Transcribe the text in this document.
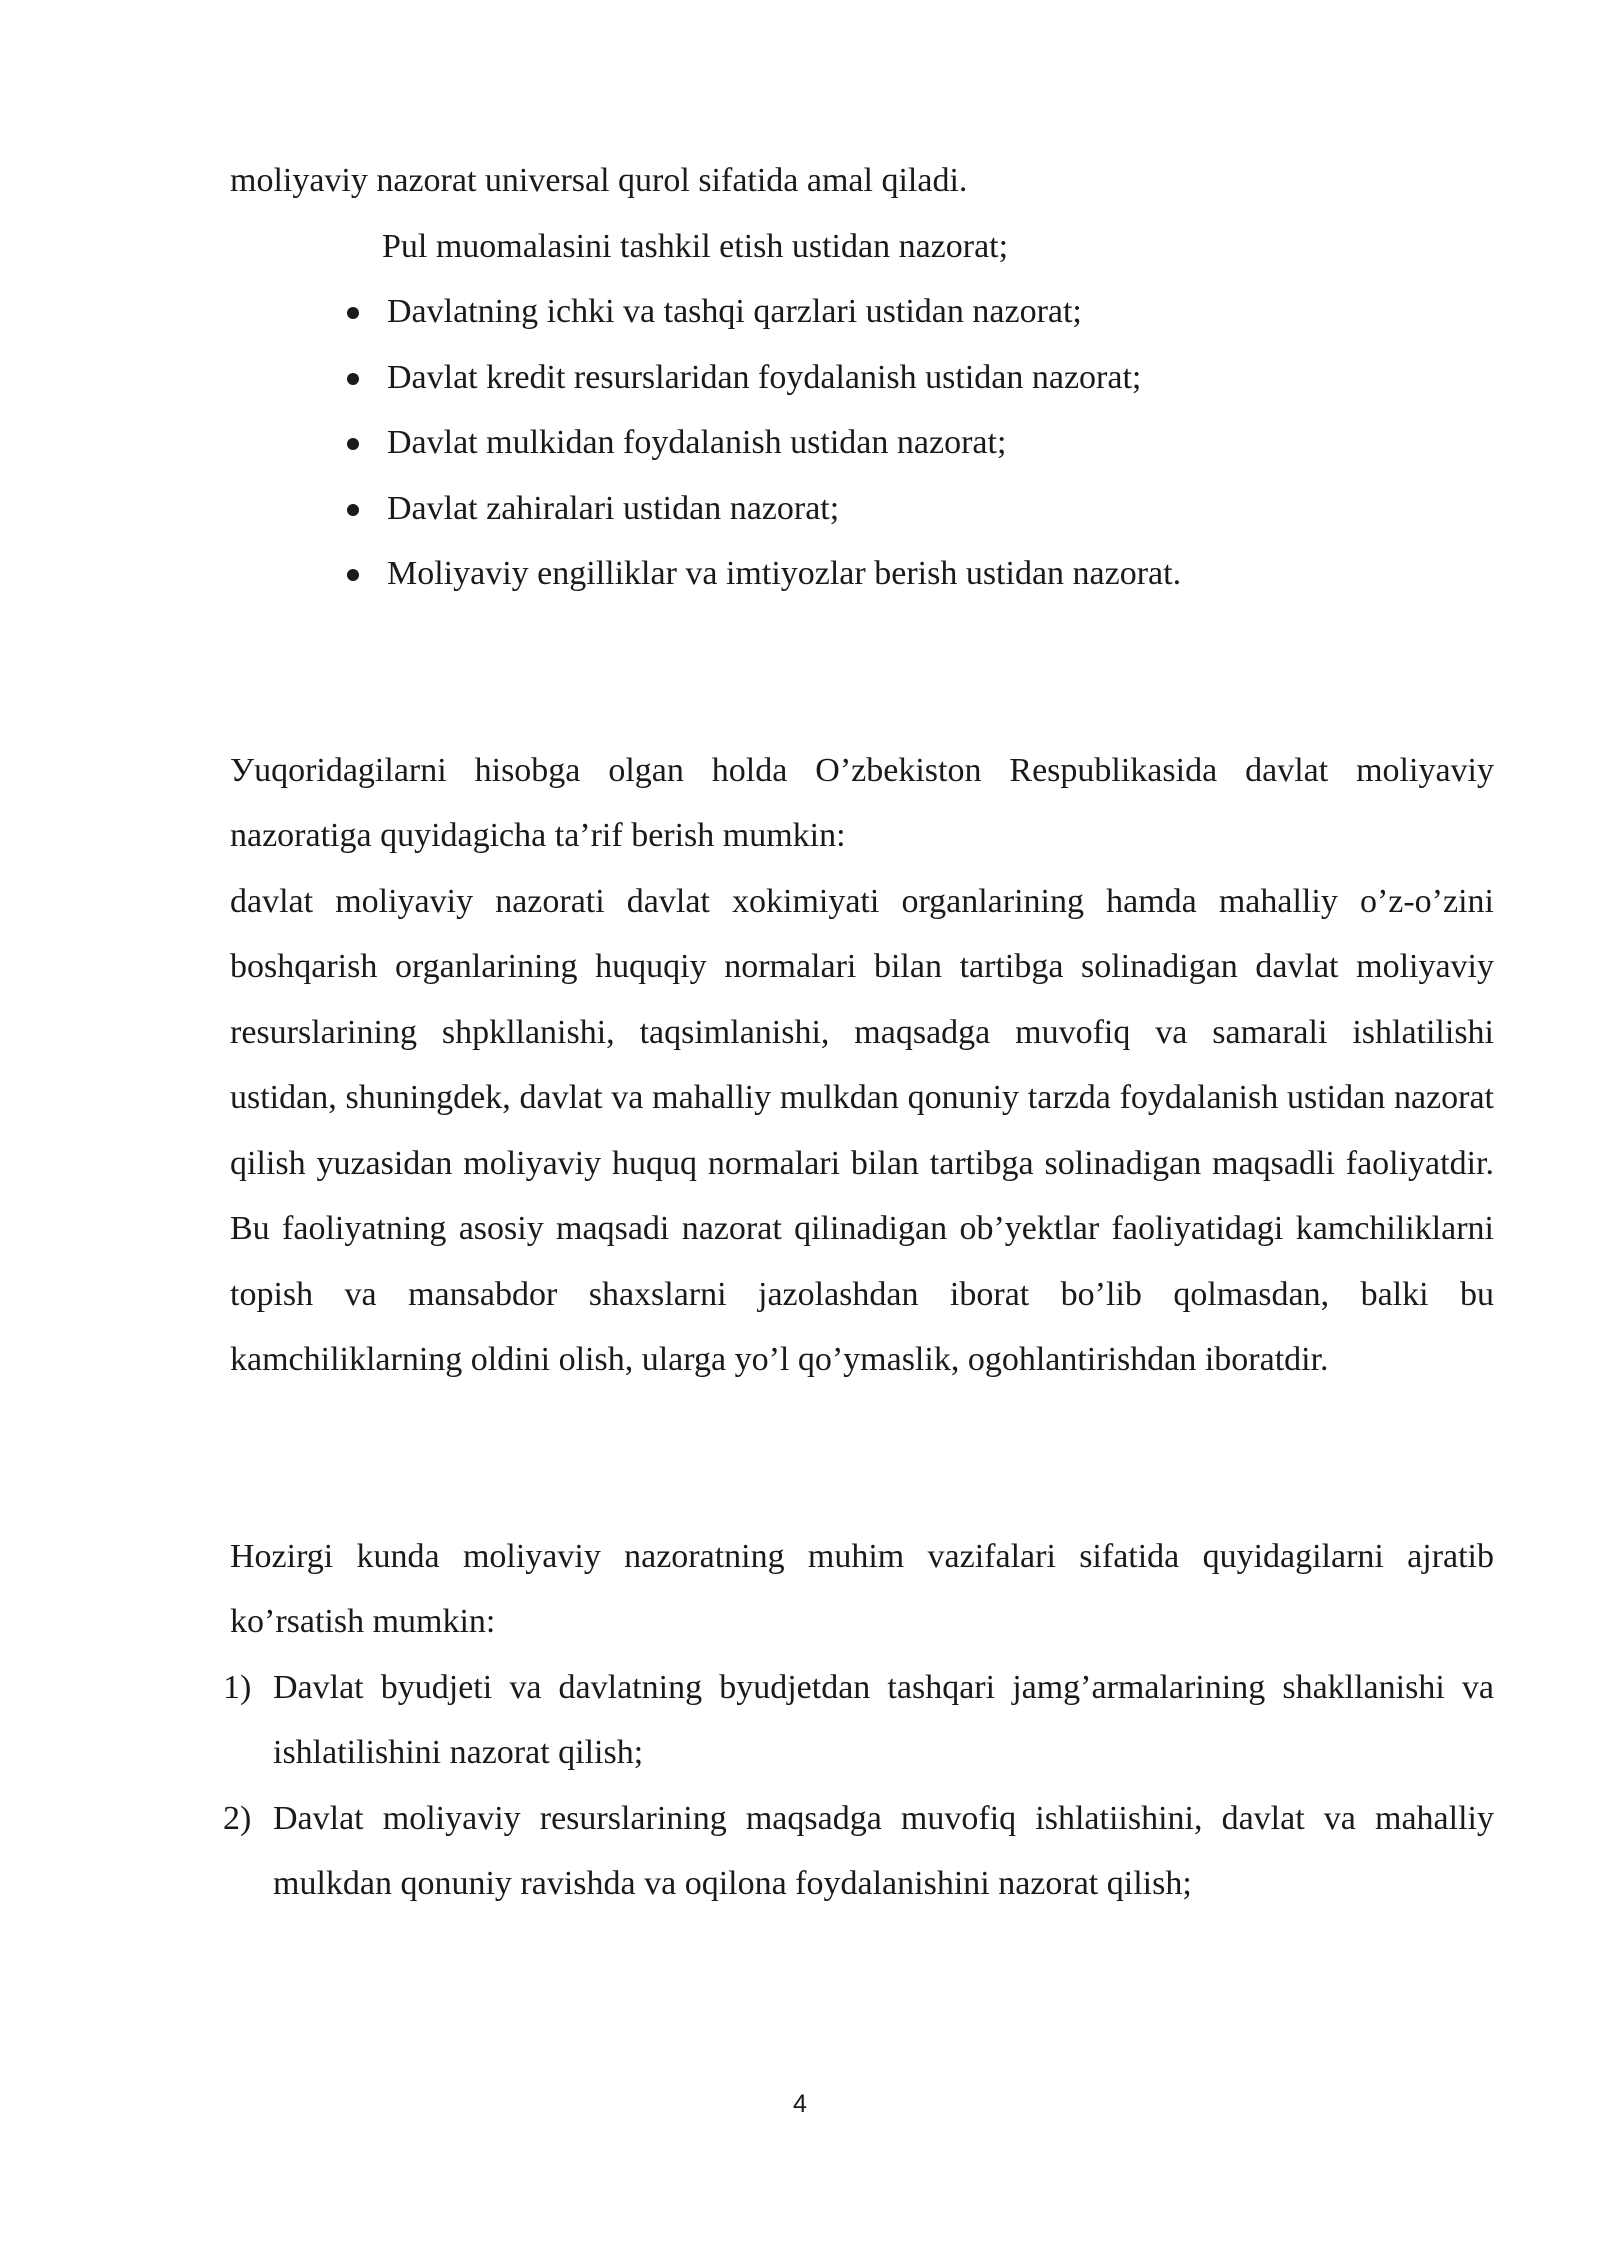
moliyaviy nazorat universal qurol sifatida amal qiladi.

Pul muomalasini tashkil etish ustidan nazorat;

Davlatning ichki va tashqi qarzlari ustidan nazorat;
Davlat kredit resurslaridan foydalanish ustidan nazorat;
Davlat mulkidan foydalanish ustidan nazorat;
Davlat zahiralari ustidan nazorat;
Moliyaviy engilliklar va imtiyozlar berish ustidan nazorat.

Уuqoridagilarni hisobga olgan holda O’zbekiston Respublikasida davlat moliyaviy nazoratiga quyidagicha ta’rif berish mumkin:

davlat moliyaviy nazorati davlat xokimiyati organlarining hamda mahalliy o’z-o’zini boshqarish organlarining huquqiy normalari bilan tartibga solinadigan davlat moliyaviy resurslarining shpkllanishi, taqsimlanishi, maqsadga muvofiq va samarali ishlatilishi ustidan, shuningdek, davlat va mahalliy mulkdan qonuniy tarzda foydalanish ustidan nazorat qilish yuzasidan moliyaviy huquq normalari bilan tartibga solinadigan maqsadli faoliyatdir. Bu faoliyatning asosiy maqsadi nazorat qilinadigan ob’yektlar faoliyatidagi kamchiliklarni topish va mansabdor shaxslarni jazolashdan iborat bo’lib qolmasdan, balki bu kamchiliklarning oldini olish, ularga yo’l qo’ymaslik, ogohlantirishdan iboratdir.

Hozirgi kunda moliyaviy nazoratning muhim vazifalari sifatida quyidagilarni ajratib ko’rsatish mumkin:

1) Davlat byudjeti va davlatning byudjetdan tashqari jamg’armalarining shakllanishi va ishlatilishini nazorat qilish;
2) Davlat moliyaviy resurslarining maqsadga muvofiq ishlatiishini, davlat va mahalliy mulkdan qonuniy ravishda va oqilona foydalanishini nazorat qilish;
4
